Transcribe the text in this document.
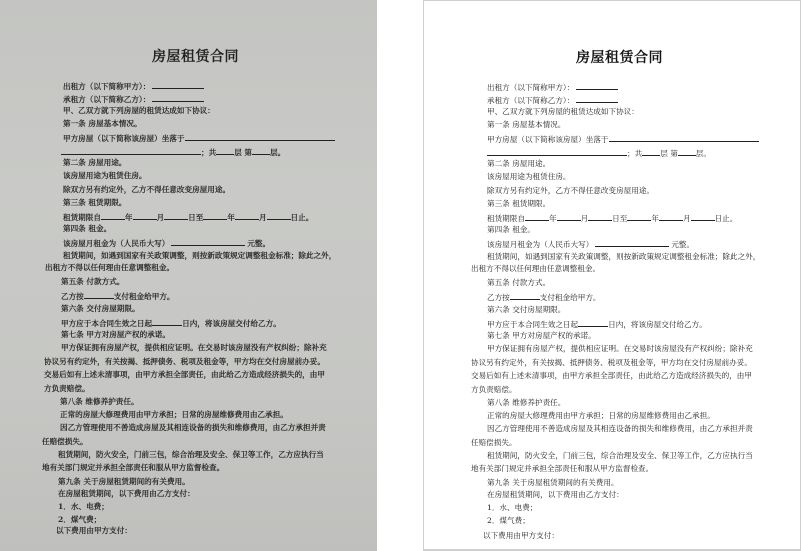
房屋租赁合同
出租方（以下简称甲方）：
承租方（以下简称乙方）：
甲、乙双方就下列房屋的租赁达成如下协议：
第一条 房屋基本情况。
甲方房屋（以下简称该房屋）坐落于
；共 层 第 层。
第二条 房屋用途。
该房屋用途为租赁住房。
除双方另有约定外，乙方不得任意改变房屋用途。
第三条 租赁期限。
租赁期限自	年	月	日至	年	月	日止。
第四条 租金。
该房屋月租金为（人民币大写）	元整。
租赁期间，如遇到国家有关政策调整，则按新政策规定调整租金标准；除此之外，
出租方不得以任何理由任意调整租金。
第五条 付款方式。
乙方按	支付租金给甲方。
第六条 交付房屋期限。
甲方应于本合同生效之日起	日内，将该房屋交付给乙方。
第七条 甲方对房屋产权的承诺。
甲方保证拥有房屋产权，提供相应证明。在交易时该房屋没有产权纠纷；除补充
协议另有约定外，有关按揭、抵押债务、税项及租金等，甲方均在交付房屋前办妥。
交易后如有上述未清事项，由甲方承担全部责任，由此给乙方造成经济损失的，由甲
方负责赔偿。
第八条 维修养护责任。
正常的房屋大修理费用由甲方承担；日常的房屋维修费用由乙承担。
因乙方管理使用不善造成房屋及其相连设备的损失和维修费用，由乙方承担并责
任赔偿损失。
租赁期间，防火安全，门前三包，综合治理及安全、保卫等工作，乙方应执行当
地有关部门规定并承担全部责任和服从甲方监督检查。
第九条 关于房屋租赁期间的有关费用。
在房屋租赁期间，以下费用由乙方支付：
1．水、电费；
2．煤气费；
以下费用由甲方支付：
房屋租赁合同
出租方（以下简称甲方）：
承租方（以下简称乙方）：
甲、乙双方就下列房屋的租赁达成如下协议：
第一条 房屋基本情况。
甲方房屋（以下简称该房屋）坐落于
；共 层 第 层。
第二条 房屋用途。
该房屋用途为租赁住房。
除双方另有约定外，乙方不得任意改变房屋用途。
第三条 租赁期限。
租赁期限自	年	月	日至	年	月	日止。
第四条 租金。
该房屋月租金为（人民币大写）	元整。
租赁期间，如遇到国家有关政策调整，则按新政策规定调整租金标准；除此之外，
出租方不得以任何理由任意调整租金。
第五条 付款方式。
乙方按	支付租金给甲方。
第六条 交付房屋期限。
甲方应于本合同生效之日起	日内，将该房屋交付给乙方。
第七条 甲方对房屋产权的承诺。
甲方保证拥有房屋产权，提供相应证明。在交易时该房屋没有产权纠纷；除补充
协议另有约定外，有关按揭、抵押债务、税项及租金等，甲方均在交付房屋前办妥。
交易后如有上述未清事项，由甲方承担全部责任，由此给乙方造成经济损失的，由甲
方负责赔偿。
第八条 维修养护责任。
正常的房屋大修理费用由甲方承担；日常的房屋维修费用由乙承担。
因乙方管理使用不善造成房屋及其相连设备的损失和维修费用，由乙方承担并责
任赔偿损失。
租赁期间，防火安全，门前三包，综合治理及安全、保卫等工作，乙方应执行当
地有关部门规定并承担全部责任和服从甲方监督检查。
第九条 关于房屋租赁期间的有关费用。
在房屋租赁期间，以下费用由乙方支付：
1．水、电费；
2．煤气费；
以下费用由甲方支付：
